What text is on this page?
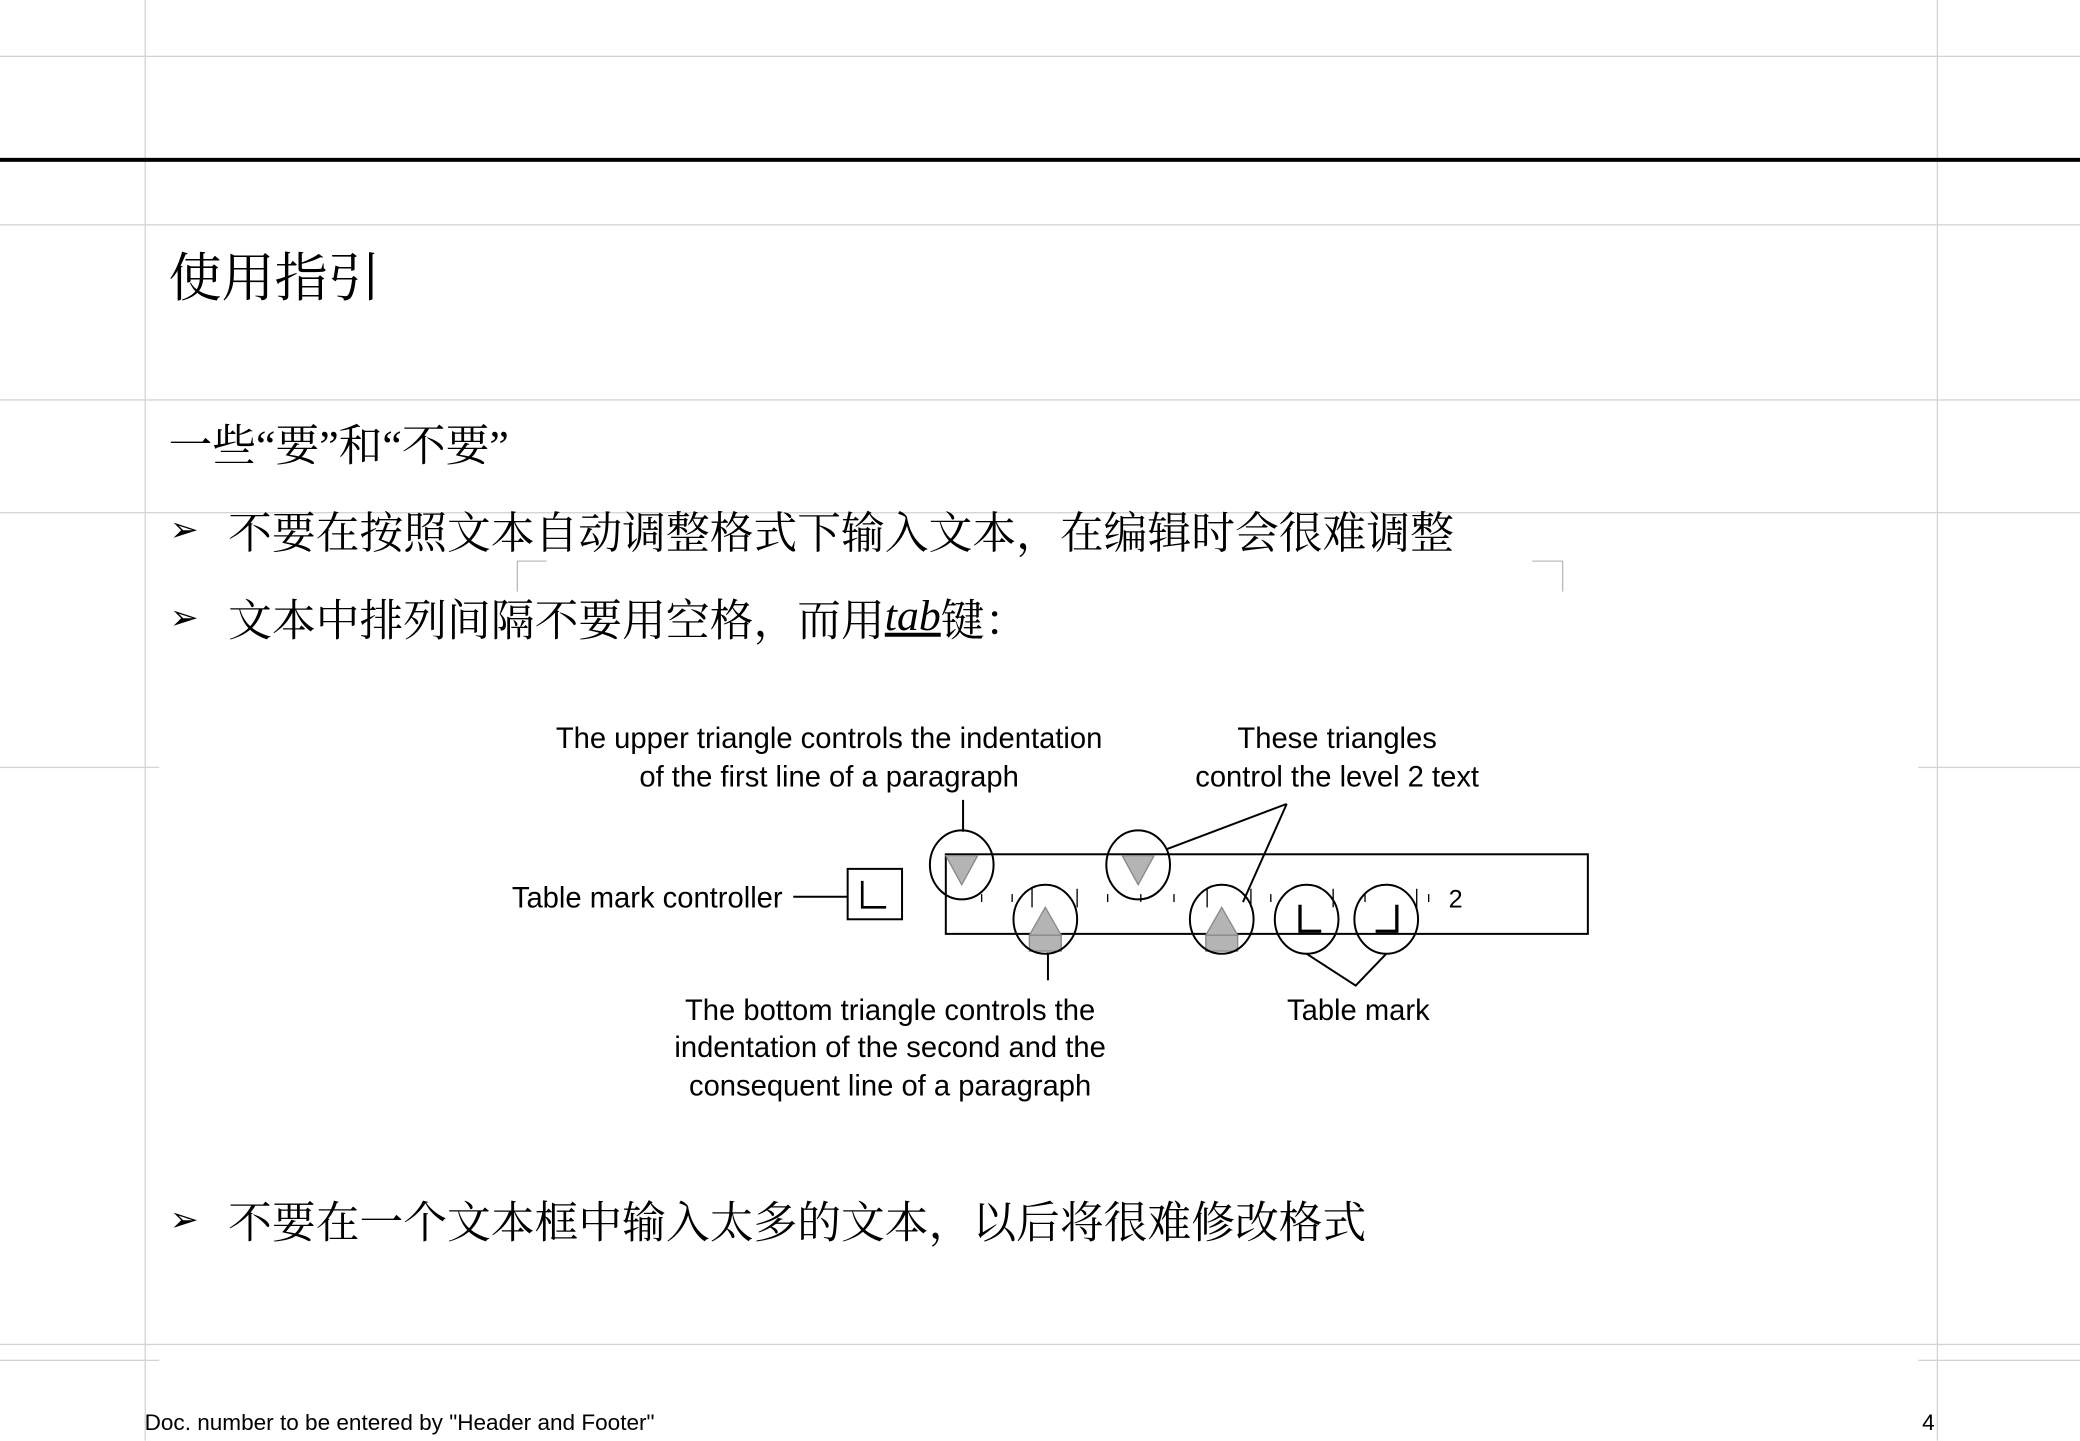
使用指引
一些“要”和“不要”
➢ 不要在按照文本自动调整格式下输入文本，在编辑时会很难调整
➢ 文本中排列间隔不要用空格，而用 tab 键：
➢ 不要在一个文本框中输入太多的文本，以后将很难修改格式
The upper triangle controls the indentation
of the first line of a paragraph
These triangles
control the level 2 text
Table mark controller	2
The bottom triangle controls the
indentation of the second and the
consequent line of a paragraph
Table mark
Doc. number to be entered by "Header and Footer"	4
